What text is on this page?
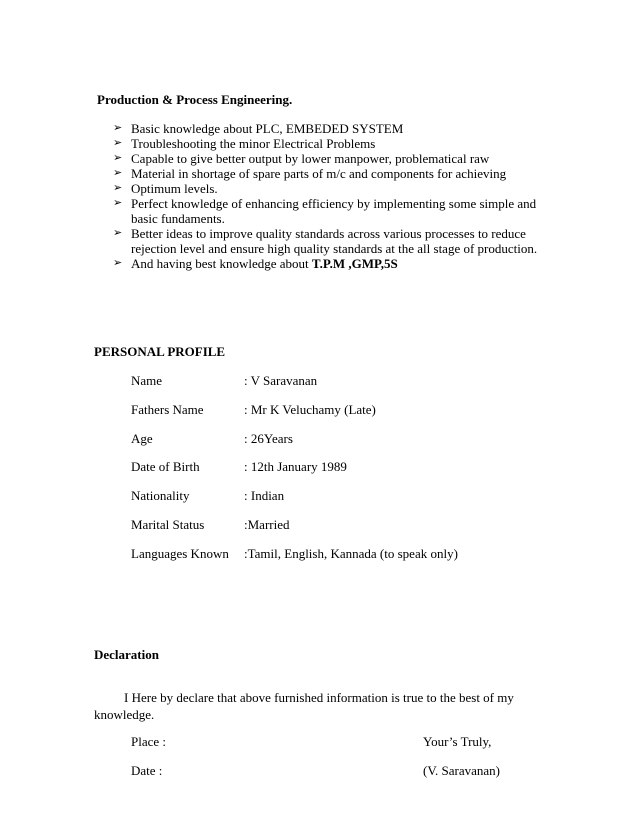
Production & Process Engineering.
➢ Basic knowledge about PLC, EMBEDED SYSTEM
➢ Troubleshooting the minor Electrical Problems
➢ Capable to give better output by lower manpower, problematical raw
➢ Material in shortage of spare parts of m/c and components for achieving
➢ Optimum levels.
➢ Perfect knowledge of enhancing efficiency by implementing some simple and
basic fundaments.
➢ Better ideas to improve quality standards across various processes to reduce
rejection level and ensure high quality standards at the all stage of production.
➢ And having best knowledge about T.P.M ,GMP,5S
PERSONAL PROFILE
Name	: V Saravanan
Fathers Name	: Mr K Veluchamy (Late)
Age	: 26Years
Date of Birth	: 12th January 1989
Nationality	: Indian
Marital Status	:Married
Languages Known :Tamil, English, Kannada (to speak only)
Declaration
I Here by declare that above furnished information is true to the best of my knowledge.
Place :	Your’s Truly,
Date :	(V. Saravanan)
